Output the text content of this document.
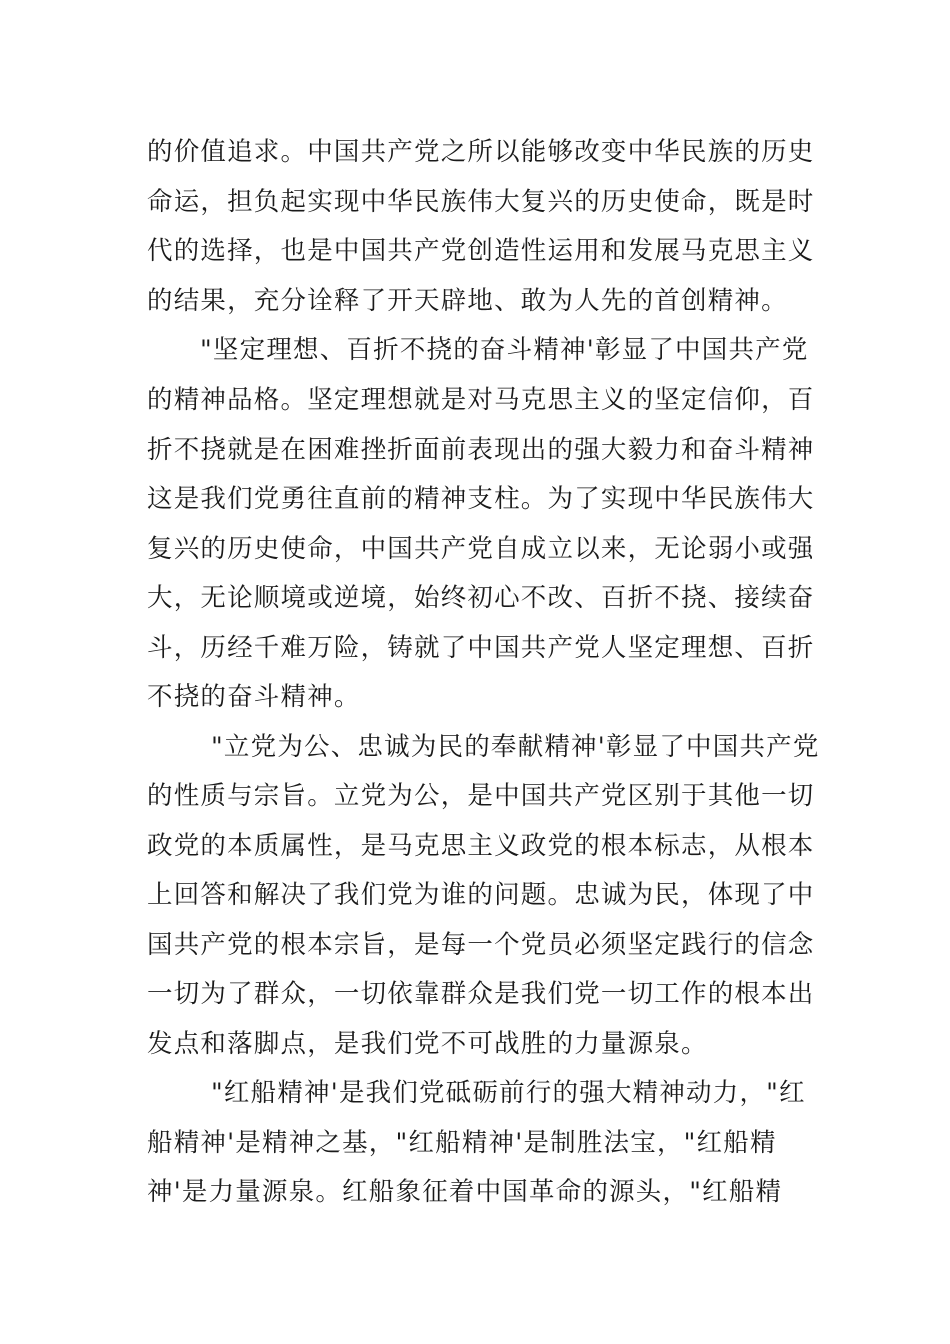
的价值追求。中国共产党之所以能够改变中华民族的历史
命运，担负起实现中华民族伟大复兴的历史使命，既是时
代的选择，也是中国共产党创造性运用和发展马克思主义
的结果，充分诠释了开天辟地、敢为人先的首创精神。
"坚定理想、百折不挠的奋斗精神'彰显了中国共产党
的精神品格。坚定理想就是对马克思主义的坚定信仰，百
折不挠就是在困难挫折面前表现出的强大毅力和奋斗精神
这是我们党勇往直前的精神支柱。为了实现中华民族伟大
复兴的历史使命，中国共产党自成立以来，无论弱小或强
大，无论顺境或逆境，始终初心不改、百折不挠、接续奋
斗，历经千难万险，铸就了中国共产党人坚定理想、百折
不挠的奋斗精神。
"立党为公、忠诚为民的奉献精神'彰显了中国共产党
的性质与宗旨。立党为公，是中国共产党区别于其他一切
政党的本质属性，是马克思主义政党的根本标志，从根本
上回答和解决了我们党为谁的问题。忠诚为民，体现了中
国共产党的根本宗旨，是每一个党员必须坚定践行的信念
一切为了群众，一切依靠群众是我们党一切工作的根本出
发点和落脚点，是我们党不可战胜的力量源泉。
"红船精神'是我们党砥砺前行的强大精神动力，"红
船精神'是精神之基，"红船精神'是制胜法宝，"红船精
神'是力量源泉。红船象征着中国革命的源头，"红船精
